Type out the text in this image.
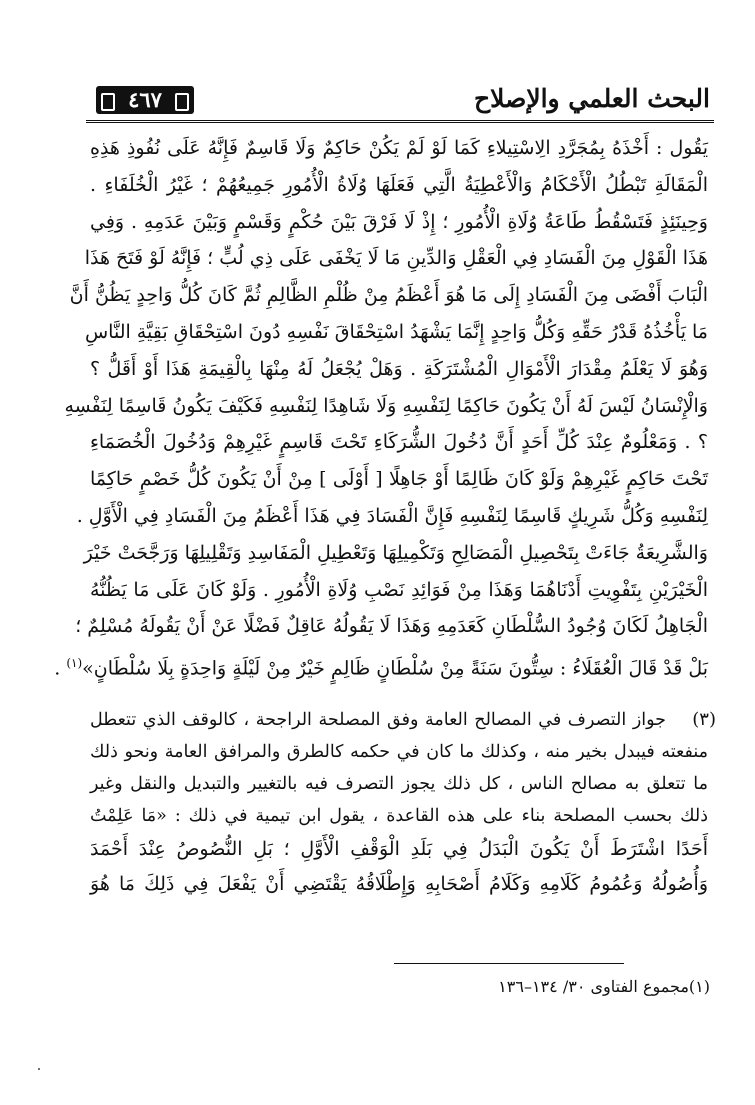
البحث العلمي والإصلاح
٤٦٧
يَقُول : أَخْذَهُ بِمُجَرَّدِ الِاسْتِيلاءِ كَمَا لَوْ لَمْ يَكُنْ حَاكِمٌ وَلَا قَاسِمٌ فَإِنَّهُ عَلَى نُفُوذِ هَذِهِ
الْمَقَالَةِ تَبْطُلُ الْأَحْكَامُ وَالْأَعْطِيَةُ الَّتِي فَعَلَهَا وُلَاةُ الْأُمُورِ جَمِيعُهُمْ ؛ غَيْرُ الْخُلَفَاءِ .
وَحِينَئِذٍ فَتَسْقُطُ طَاعَةُ وُلَاةِ الْأُمُورِ ؛ إِذْ لَا فَرْقَ بَيْنَ حُكْمٍ وَقَسْمٍ وَبَيْنَ عَدَمِهِ . وَفِي
هَذَا الْقَوْلِ مِنَ الْفَسَادِ فِي الْعَقْلِ وَالدِّينِ مَا لَا يَخْفَى عَلَى ذِي لُبٍّ ؛ فَإِنَّهُ لَوْ فَتَحَ هَذَا
الْبَابَ أَفْضَى مِنَ الْفَسَادِ إِلَى مَا هُوَ أَعْظَمُ مِنْ ظُلْمِ الظَّالِمِ ثُمَّ كَانَ كُلُّ وَاحِدٍ يَظُنُّ أَنَّ
مَا يَأْخُذُهُ قَدْرُ حَقِّهِ وَكُلُّ وَاحِدٍ إِنَّمَا يَشْهَدُ اسْتِحْقَاقَ نَفْسِهِ دُونَ اسْتِحْقَاقِ بَقِيَّةِ النَّاسِ
وَهُوَ لَا يَعْلَمُ مِقْدَارَ الْأَمْوَالِ الْمُشْتَرَكَةِ . وَهَلْ يُجْعَلُ لَهُ مِنْهَا بِالْقِيمَةِ هَذَا أَوْ أَقَلُّ ؟
وَالْإِنْسَانُ لَيْسَ لَهُ أَنْ يَكُونَ حَاكِمًا لِنَفْسِهِ وَلَا شَاهِدًا لِنَفْسِهِ فَكَيْفَ يَكُونُ قَاسِمًا لِنَفْسِهِ
؟ . وَمَعْلُومٌ عِنْدَ كُلِّ أَحَدٍ أَنَّ دُخُولَ الشُّرَكَاءِ تَحْتَ قَاسِمٍ غَيْرِهِمْ وَدُخُولَ الْخُصَمَاءِ
تَحْتَ حَاكِمٍ غَيْرِهِمْ وَلَوْ كَانَ ظَالِمًا أَوْ جَاهِلًا [ أَوْلَى ] مِنْ أَنْ يَكُونَ كُلُّ خَصْمٍ حَاكِمًا
لِنَفْسِهِ وَكُلُّ شَرِيكٍ قَاسِمًا لِنَفْسِهِ فَإِنَّ الْفَسَادَ فِي هَذَا أَعْظَمُ مِنَ الْفَسَادِ فِي الْأَوَّلِ .
وَالشَّرِيعَةُ جَاءَتْ بِتَحْصِيلِ الْمَصَالِحِ وَتَكْمِيلِهَا وَتَعْطِيلِ الْمَفَاسِدِ وَتَقْلِيلِهَا وَرَجَّحَتْ خَيْرَ
الْخَيْرَيْنِ بِتَفْوِيتِ أَدْنَاهُمَا وَهَذَا مِنْ فَوَائِدِ نَصْبِ وُلَاةِ الْأُمُورِ . وَلَوْ كَانَ عَلَى مَا يَظُنُّهُ
الْجَاهِلُ لَكَانَ وُجُودُ السُّلْطَانِ كَعَدَمِهِ وَهَذَا لَا يَقُولُهُ عَاقِلٌ فَضْلًا عَنْ أَنْ يَقُولَهُ مُسْلِمٌ ؛
بَلْ قَدْ قَالَ الْعُقَلَاءُ : سِتُّونَ سَنَةً مِنْ سُلْطَانٍ ظَالِمٍ خَيْرٌ مِنْ لَيْلَةٍ وَاحِدَةٍ بِلَا سُلْطَانٍ»$^{(١)}$ .
(٣)
جواز التصرف في المصالح العامة وفق المصلحة الراجحة ، كالوقف الذي تتعطل
منفعته فيبدل بخير منه ، وكذلك ما كان في حكمه كالطرق والمرافق العامة ونحو ذلك
ما تتعلق به مصالح الناس ، كل ذلك يجوز التصرف فيه بالتغيير والتبديل والنقل وغير
ذلك بحسب المصلحة بناء على هذه القاعدة ، يقول ابن تيمية في ذلك : «مَا عَلِمْتُ
أَحَدًا اشْتَرَطَ أَنْ يَكُونَ الْبَدَلُ فِي بَلَدِ الْوَقْفِ الْأَوَّلِ ؛ بَلِ النُّصُوصُ عِنْدَ أَحْمَدَ
وَأُصُولُهُ وَعُمُومُ كَلَامِهِ وَكَلَامُ أَصْحَابِهِ وَإِطْلَاقُهُ يَقْتَضِي أَنْ يَفْعَلَ فِي ذَلِكَ مَا هُوَ
(١)مجموع الفتاوى ٣٠/ ١٣٤–١٣٦
